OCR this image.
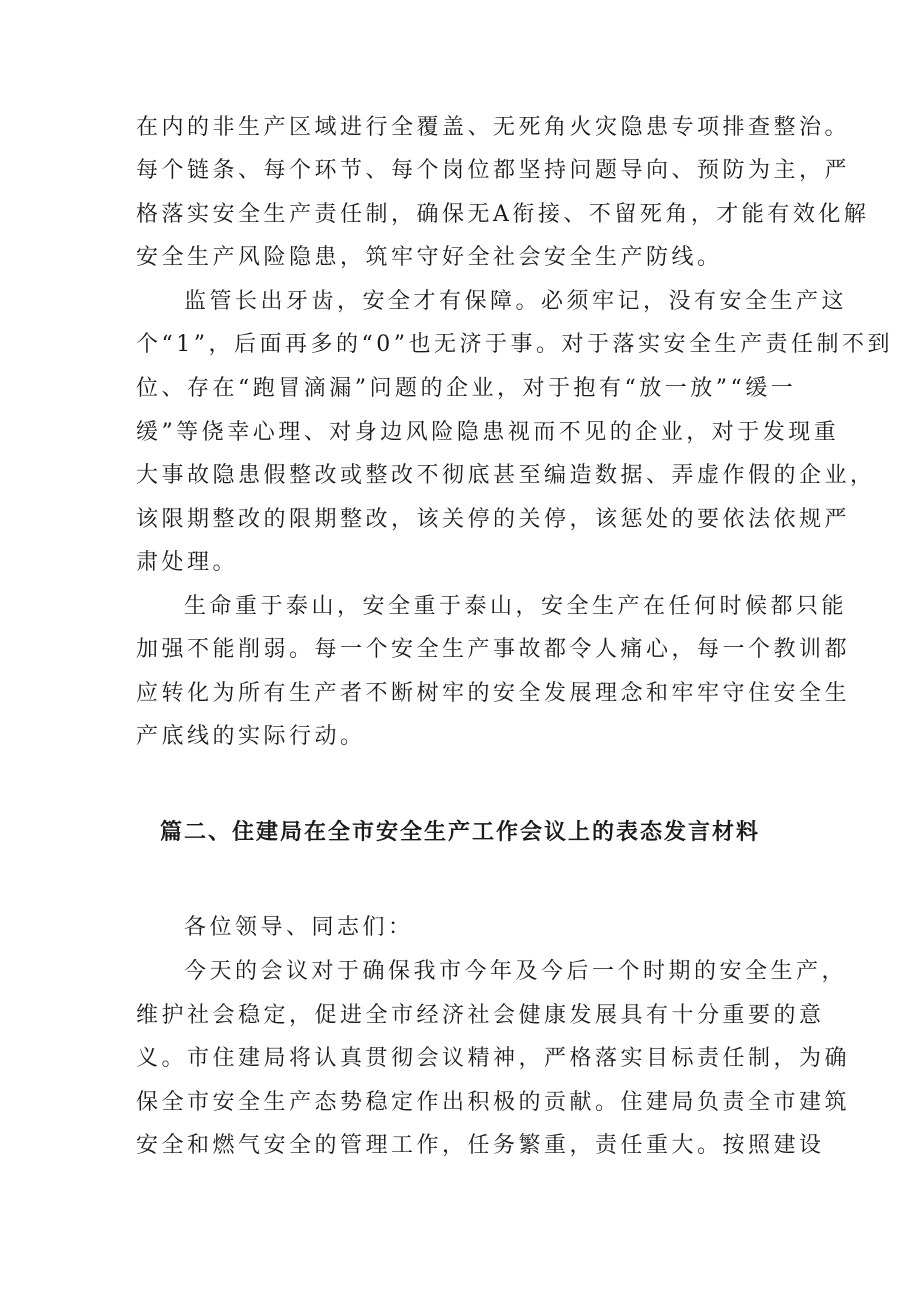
在内的非生产区域进行全覆盖、无死角火灾隐患专项排查整治。
每个链条、每个环节、每个岗位都坚持问题导向、预防为主，严
格落实安全生产责任制，确保无A衔接、不留死角，才能有效化解
安全生产风险隐患，筑牢守好全社会安全生产防线。
监管长出牙齿，安全才有保障。必须牢记，没有安全生产这
个“1”，后面再多的“0”也无济于事。对于落实安全生产责任制不到
位、存在“跑冒滴漏”问题的企业，对于抱有“放一放”“缓一
缓”等侥幸心理、对身边风险隐患视而不见的企业，对于发现重
大事故隐患假整改或整改不彻底甚至编造数据、弄虚作假的企业，
该限期整改的限期整改，该关停的关停，该惩处的要依法依规严
肃处理。
生命重于泰山，安全重于泰山，安全生产在任何时候都只能
加强不能削弱。每一个安全生产事故都令人痛心，每一个教训都
应转化为所有生产者不断树牢的安全发展理念和牢牢守住安全生
产底线的实际行动。
篇二、住建局在全市安全生产工作会议上的表态发言材料
各位领导、同志们：
今天的会议对于确保我市今年及今后一个时期的安全生产，
维护社会稳定，促进全市经济社会健康发展具有十分重要的意
义。市住建局将认真贯彻会议精神，严格落实目标责任制，为确
保全市安全生产态势稳定作出积极的贡献。住建局负责全市建筑
安全和燃气安全的管理工作，任务繁重，责任重大。按照建设
